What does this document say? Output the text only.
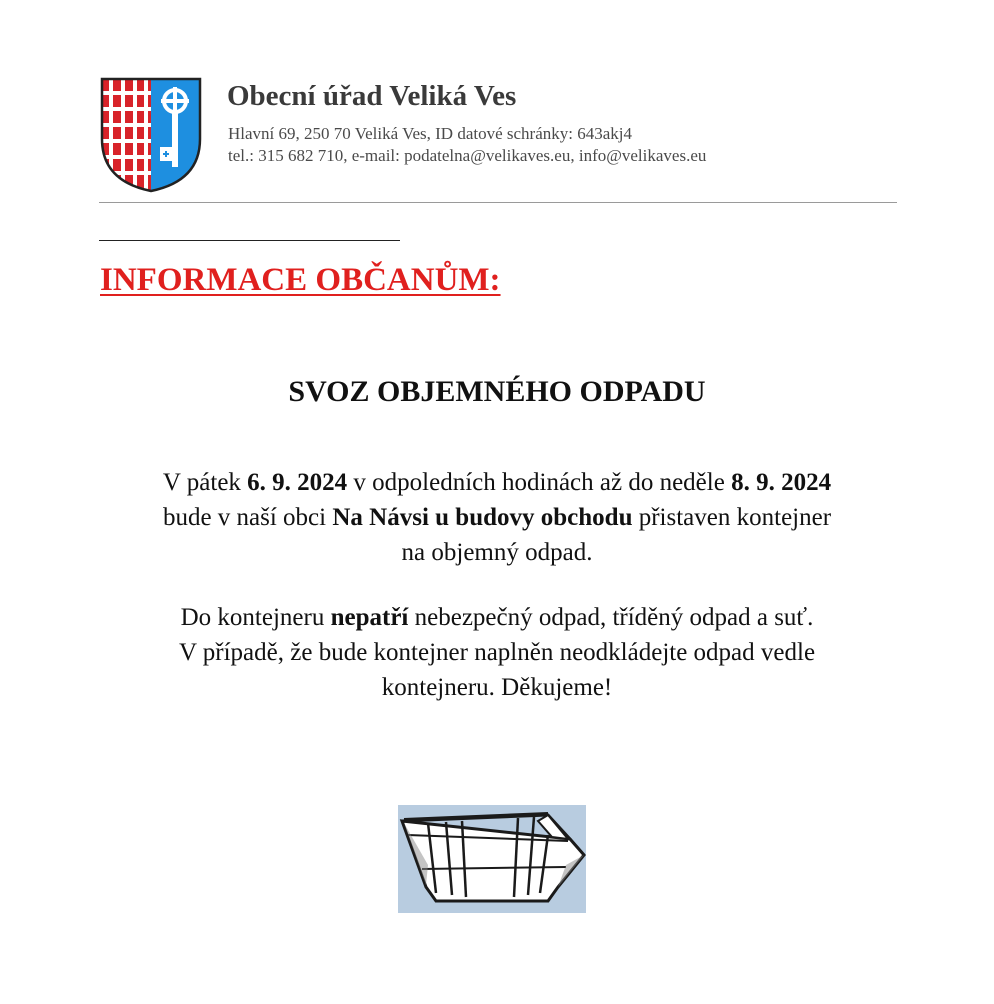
Obecní úřad Veliká Ves
Hlavní 69, 250 70 Veliká Ves, ID datové schránky: 643akj4
tel.: 315 682 710, e-mail: podatelna@velikaves.eu, info@velikaves.eu
INFORMACE OBČANŮM:
SVOZ OBJEMNÉHO ODPADU
V pátek 6. 9. 2024 v odpoledních hodinách až do neděle 8. 9. 2024
bude v naší obci Na Návsi u budovy obchodu přistaven kontejner
na objemný odpad.
Do kontejneru nepatří nebezpečný odpad, tříděný odpad a suť.
V případě, že bude kontejner naplněn neodkládejte odpad vedle
kontejneru. Děkujeme!
